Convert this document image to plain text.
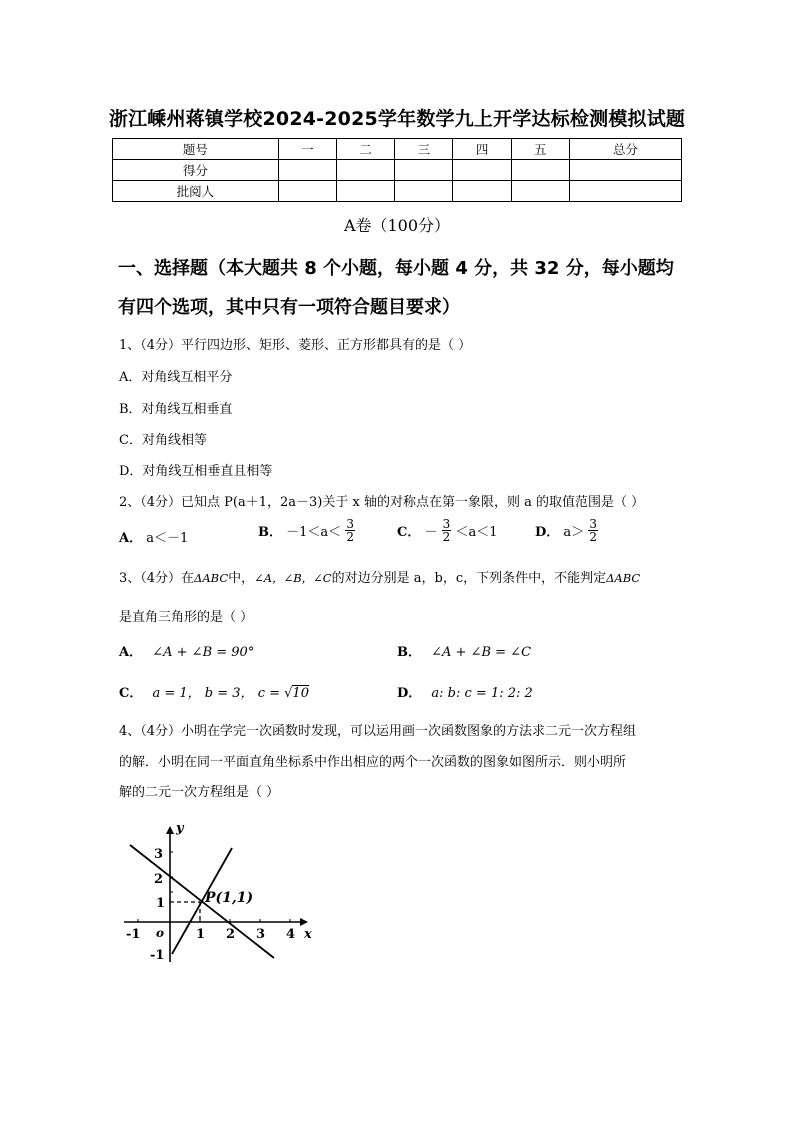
浙江嵊州蒋镇学校2024-2025学年数学九上开学达标检测模拟试题
题号	一	二	三	四	五	总分
得分						
批阅人						
A卷（100分）
一、选择题（本大题共 8 个小题，每小题 4 分，共 32 分，每小题均
有四个选项，其中只有一项符合题目要求）
1、（4分）平行四边形、矩形、菱形、正方形都具有的是（ ）
A．对角线互相平分
B．对角线互相垂直
C．对角线相等
D．对角线互相垂直且相等
2、（4分）已知点 P(a＋1，2a－3)关于 x 轴的对称点在第一象限，则 a 的取值范围是（ ）
A． a＜－1	B． $-1<a< \frac{3}{2}$	C． － $\frac{3}{2} <a<1$	D． $a> \frac{3}{2}$
3、（4分）在ΔABC中，∠A，∠B，∠C的对边分别是 a，b，c，下列条件中，不能判定ΔABC
是直角三角形的是（ ）
A． ∠A + ∠B = 90°	B． ∠A + ∠B = ∠C
C． a = 1， b = 3， c = √10	D． a: b: c = 1: 2: 2
4、（4分）小明在学完一次函数时发现，可以运用画一次函数图象的方法求二元一次方程组
的解．小明在同一平面直角坐标系中作出相应的两个一次函数的图象如图所示．则小明所
解的二元一次方程组是（ ）
y
x
o
3
2
1
-1
-1	1 2 3 4
P(1,1)
